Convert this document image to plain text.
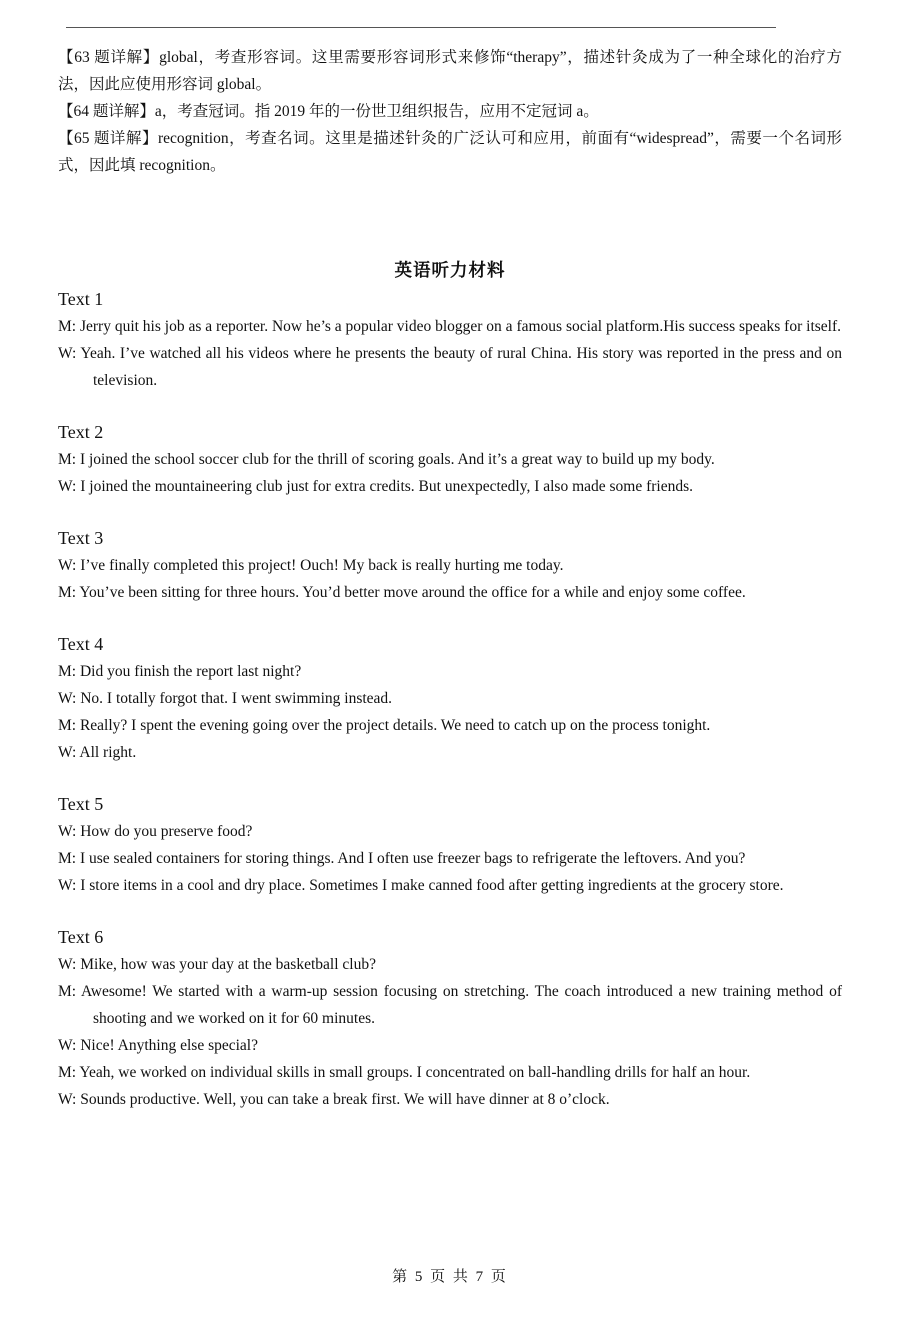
【63 题详解】global，考查形容词。这里需要形容词形式来修饰“therapy”，描述针灸成为了一种全球化的治疗方法，因此应使用形容词 global。

【64 题详解】a，考查冠词。指 2019 年的一份世卫组织报告，应用不定冠词 a。

【65 题详解】recognition，考查名词。这里是描述针灸的广泛认可和应用，前面有“widespread”，需要一个名词形式，因此填 recognition。

英语听力材料
Text 1

M: Jerry quit his job as a reporter. Now he’s a popular video blogger on a famous social platform.His success speaks for itself.

W: Yeah. I’ve watched all his videos where he presents the beauty of rural China. His story was reported in the press and on television.

Text 2

M: I joined the school soccer club for the thrill of scoring goals. And it’s a great way to build up my body.

W: I joined the mountaineering club just for extra credits. But unexpectedly, I also made some friends.

Text 3

W: I’ve finally completed this project! Ouch! My back is really hurting me today.

M: You’ve been sitting for three hours. You’d better move around the office for a while and enjoy some coffee.

Text 4

M: Did you finish the report last night?

W: No. I totally forgot that. I went swimming instead.

M: Really? I spent the evening going over the project details. We need to catch up on the process tonight.

W: All right.

Text 5

W: How do you preserve food?

M: I use sealed containers for storing things. And I often use freezer bags to refrigerate the leftovers. And you?

W: I store items in a cool and dry place. Sometimes I make canned food after getting ingredients at the grocery store.

Text 6

W: Mike, how was your day at the basketball club?

M: Awesome! We started with a warm-up session focusing on stretching. The coach introduced a new training method of shooting and we worked on it for 60 minutes.

W: Nice! Anything else special?

M: Yeah, we worked on individual skills in small groups. I concentrated on ball-handling drills for half an hour.

W: Sounds productive. Well, you can take a break first. We will have dinner at 8 o’clock.

第 5 页 共 7 页
